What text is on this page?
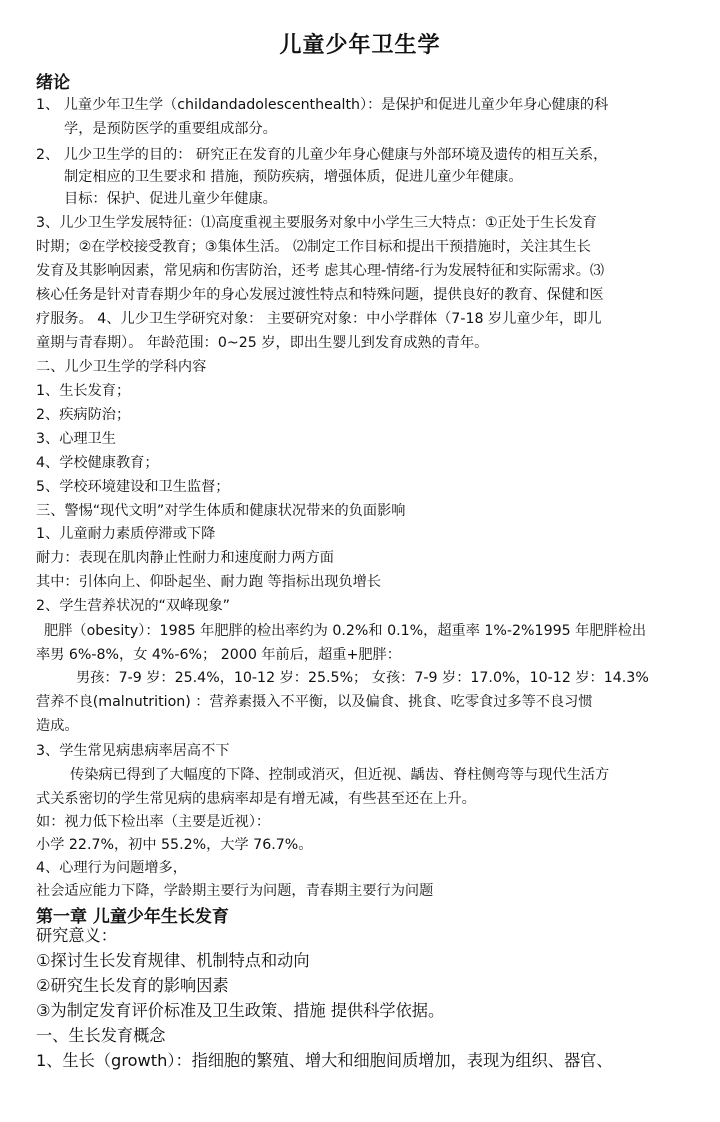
儿童少年卫生学
绪论
1、 儿童少年卫生学（childandadolescenthealth）：是保护和促进儿童少年身心健康的科
学，是预防医学的重要组成部分。
2、 儿少卫生学的目的： 研究正在发育的儿童少年身心健康与外部环境及遗传的相互关系，
制定相应的卫生要求和 措施，预防疾病，增强体质，促进儿童少年健康。
目标：保护、促进儿童少年健康。
3、儿少卫生学发展特征：⑴高度重视主要服务对象中小学生三大特点：①正处于生长发育
时期；②在学校接受教育；③集体生活。 ⑵制定工作目标和提出干预措施时，关注其生长
发育及其影响因素，常见病和伤害防治，还考 虑其心理-情绪-行为发展特征和实际需求。⑶
核心任务是针对青春期少年的身心发展过渡性特点和特殊问题，提供良好的教育、保健和医
疗服务。 4、儿少卫生学研究对象： 主要研究对象：中小学群体（7-18 岁儿童少年，即儿
童期与青春期）。 年龄范围：0~25 岁，即出生婴儿到发育成熟的青年。
二、儿少卫生学的学科内容
1、生长发育；
2、疾病防治；
3、心理卫生
4、学校健康教育；
5、学校环境建设和卫生监督；
三、警惕“现代文明”对学生体质和健康状况带来的负面影响
1、儿童耐力素质停滞或下降
耐力：表现在肌肉静止性耐力和速度耐力两方面
其中：引体向上、仰卧起坐、耐力跑 等指标出现负增长
2、学生营养状况的“双峰现象”
肥胖（obesity）：1985 年肥胖的检出率约为 0.2%和 0.1%，超重率 1%-2%1995 年肥胖检出
率男 6%-8%，女 4%-6%； 2000 年前后，超重+肥胖：
男孩：7-9 岁：25.4%，10-12 岁：25.5%； 女孩：7-9 岁：17.0%，10-12 岁：14.3%
营养不良(malnutrition) ：营养素摄入不平衡，以及偏食、挑食、吃零食过多等不良习惯
造成。
3、学生常见病患病率居高不下
传染病已得到了大幅度的下降、控制或消灭，但近视、龋齿、脊柱侧弯等与现代生活方
式关系密切的学生常见病的患病率却是有增无减，有些甚至还在上升。
如：视力低下检出率（主要是近视）：
小学 22.7%，初中 55.2%，大学 76.7%。
4、心理行为问题增多，
社会适应能力下降，学龄期主要行为问题，青春期主要行为问题
第一章 儿童少年生长发育
研究意义：
①探讨生长发育规律、机制特点和动向
②研究生长发育的影响因素
③为制定发育评价标准及卫生政策、措施 提供科学依据。
一、生长发育概念
1、生长（growth）：指细胞的繁殖、增大和细胞间质增加，表现为组织、器官、
